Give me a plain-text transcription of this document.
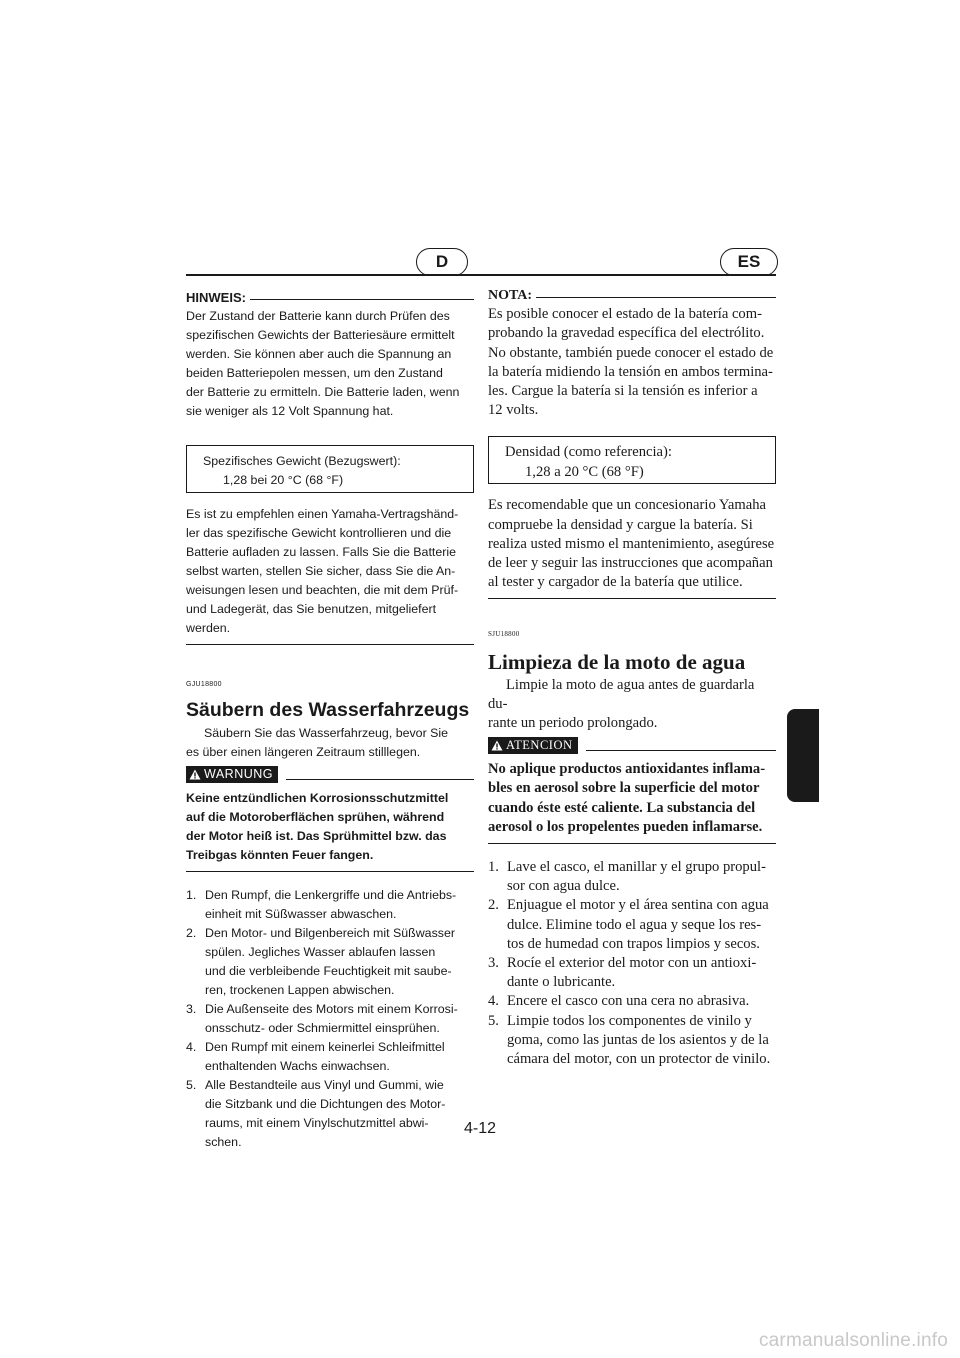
D	ES
HINWEIS:
Der Zustand der Batterie kann durch Prüfen des
spezifischen Gewichts der Batteriesäure ermittelt
werden. Sie können aber auch die Spannung an
beiden Batteriepolen messen, um den Zustand
der Batterie zu ermitteln. Die Batterie laden, wenn
sie weniger als 12 Volt Spannung hat.
Spezifisches Gewicht (Bezugswert):
1,28 bei 20 °C (68 °F)
Es ist zu empfehlen einen Yamaha-Vertragshänd-
ler das spezifische Gewicht kontrollieren und die
Batterie aufladen zu lassen. Falls Sie die Batterie
selbst warten, stellen Sie sicher, dass Sie die An-
weisungen lesen und beachten, die mit dem Prüf-
und Ladegerät, das Sie benutzen, mitgeliefert
werden.
GJU18800
Säubern des Wasserfahrzeugs
Säubern Sie das Wasserfahrzeug, bevor Sie
es über einen längeren Zeitraum stilllegen.
WARNUNG
Keine entzündlichen Korrosionsschutzmittel
auf die Motoroberflächen sprühen, während
der Motor heiß ist. Das Sprühmittel bzw. das
Treibgas könnten Feuer fangen.
1. Den Rumpf, die Lenkergriffe und die Antriebs-
einheit mit Süßwasser abwaschen.
2. Den Motor- und Bilgenbereich mit Süßwasser
spülen. Jegliches Wasser ablaufen lassen
und die verbleibende Feuchtigkeit mit saube-
ren, trockenen Lappen abwischen.
3. Die Außenseite des Motors mit einem Korrosi-
onsschutz- oder Schmiermittel einsprühen.
4. Den Rumpf mit einem keinerlei Schleifmittel
enthaltenden Wachs einwachsen.
5. Alle Bestandteile aus Vinyl und Gummi, wie
die Sitzbank und die Dichtungen des Motor-
raums, mit einem Vinylschutzmittel abwi-
schen.
NOTA:
Es posible conocer el estado de la batería com-
probando la gravedad específica del electrólito.
No obstante, también puede conocer el estado de
la batería midiendo la tensión en ambos termina-
les. Cargue la batería si la tensión es inferior a
12 volts.
Densidad (como referencia):
1,28 a 20 °C (68 °F)
Es recomendable que un concesionario Yamaha
compruebe la densidad y cargue la batería. Si
realiza usted mismo el mantenimiento, asegúrese
de leer y seguir las instrucciones que acompañan
al tester y cargador de la batería que utilice.
SJU18800
Limpieza de la moto de agua
Limpie la moto de agua antes de guardarla du-
rante un periodo prolongado.
ATENCION
No aplique productos antioxidantes inflama-
bles en aerosol sobre la superficie del motor
cuando éste esté caliente. La substancia del
aerosol o los propelentes pueden inflamarse.
1. Lave el casco, el manillar y el grupo propul-
sor con agua dulce.
2. Enjuague el motor y el área sentina con agua
dulce. Elimine todo el agua y seque los res-
tos de humedad con trapos limpios y secos.
3. Rocíe el exterior del motor con un antioxi-
dante o lubricante.
4. Encere el casco con una cera no abrasiva.
5. Limpie todos los componentes de vinilo y
goma, como las juntas de los asientos y de la
cámara del motor, con un protector de vinilo.
4-12
carmanualsonline.info
